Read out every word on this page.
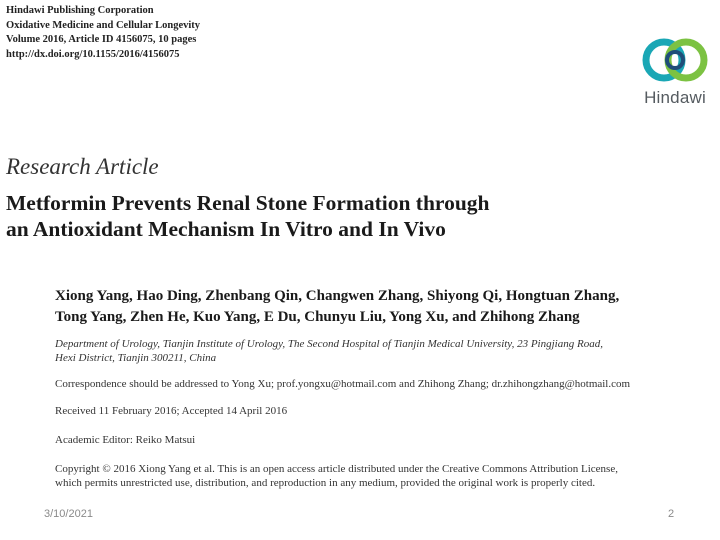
Hindawi Publishing Corporation
Oxidative Medicine and Cellular Longevity
Volume 2016, Article ID 4156075, 10 pages
http://dx.doi.org/10.1155/2016/4156075
Hindawi
Research Article
Metformin Prevents Renal Stone Formation through
an Antioxidant Mechanism In Vitro and In Vivo
Xiong Yang, Hao Ding, Zhenbang Qin, Changwen Zhang, Shiyong Qi, Hongtuan Zhang,
Tong Yang, Zhen He, Kuo Yang, E Du, Chunyu Liu, Yong Xu, and Zhihong Zhang
Department of Urology, Tianjin Institute of Urology, The Second Hospital of Tianjin Medical University, 23 Pingjiang Road,
Hexi District, Tianjin 300211, China
Correspondence should be addressed to Yong Xu; prof.yongxu@hotmail.com and Zhihong Zhang; dr.zhihongzhang@hotmail.com
Received 11 February 2016; Accepted 14 April 2016
Academic Editor: Reiko Matsui
Copyright © 2016 Xiong Yang et al. This is an open access article distributed under the Creative Commons Attribution License,
which permits unrestricted use, distribution, and reproduction in any medium, provided the original work is properly cited.
3/10/2021	2
